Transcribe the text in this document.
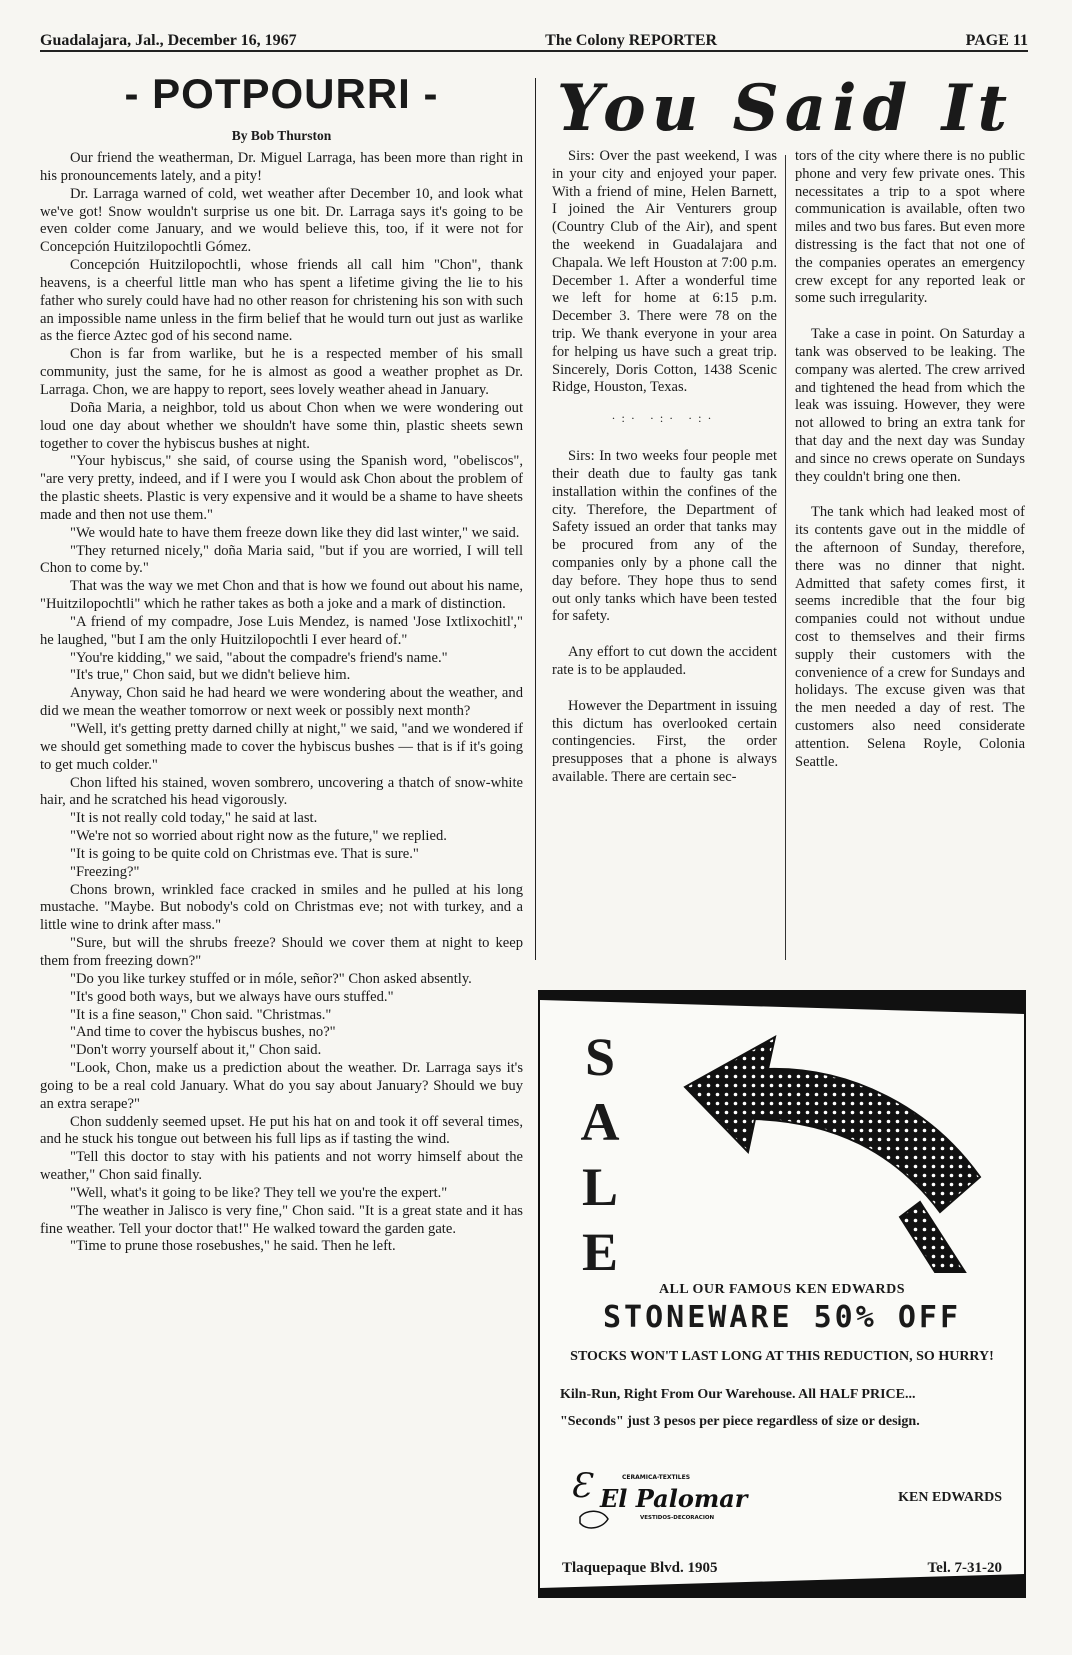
Guadalajara, Jal., December 16, 1967	The Colony REPORTER	PAGE 11
- POTPOURRI -
By Bob Thurston

Our friend the weatherman, Dr. Miguel Larraga, has been more than right in his pronouncements lately, and a pity!

Dr. Larraga warned of cold, wet weather after December 10, and look what we've got! Snow wouldn't surprise us one bit. Dr. Larraga says it's going to be even colder come January, and we would believe this, too, if it were not for Concepción Huitzilopochtli Gómez.

Concepción Huitzilopochtli, whose friends all call him "Chon", thank heavens, is a cheerful little man who has spent a lifetime giving the lie to his father who surely could have had no other reason for christening his son with such an impossible name unless in the firm belief that he would turn out just as warlike as the fierce Aztec god of his second name.

Chon is far from warlike, but he is a respected member of his small community, just the same, for he is almost as good a weather prophet as Dr. Larraga. Chon, we are happy to report, sees lovely weather ahead in January.

Doña Maria, a neighbor, told us about Chon when we were wondering out loud one day about whether we shouldn't have some thin, plastic sheets sewn together to cover the hybiscus bushes at night.

"Your hybiscus," she said, of course using the Spanish word, "obeliscos", "are very pretty, indeed, and if I were you I would ask Chon about the problem of the plastic sheets. Plastic is very expensive and it would be a shame to have sheets made and then not use them."

"We would hate to have them freeze down like they did last winter," we said.

"They returned nicely," doña Maria said, "but if you are worried, I will tell Chon to come by."

That was the way we met Chon and that is how we found out about his name, "Huitzilopochtli" which he rather takes as both a joke and a mark of distinction.

"A friend of my compadre, Jose Luis Mendez, is named 'Jose Ixtlixochitl'," he laughed, "but I am the only Huitzilopochtli I ever heard of."

"You're kidding," we said, "about the compadre's friend's name."

"It's true," Chon said, but we didn't believe him.

Anyway, Chon said he had heard we were wondering about the weather, and did we mean the weather tomorrow or next week or possibly next month?

"Well, it's getting pretty darned chilly at night," we said, "and we wondered if we should get something made to cover the hybiscus bushes — that is if it's going to get much colder."

Chon lifted his stained, woven sombrero, uncovering a thatch of snow-white hair, and he scratched his head vigorously.

"It is not really cold today," he said at last.

"We're not so worried about right now as the future," we replied.

"It is going to be quite cold on Christmas eve. That is sure."

"Freezing?"

Chons brown, wrinkled face cracked in smiles and he pulled at his long mustache. "Maybe. But nobody's cold on Christmas eve; not with turkey, and a little wine to drink after mass."

"Sure, but will the shrubs freeze? Should we cover them at night to keep them from freezing down?"

"Do you like turkey stuffed or in móle, señor?" Chon asked absently.

"It's good both ways, but we always have ours stuffed."

"It is a fine season," Chon said. "Christmas."

"And time to cover the hybiscus bushes, no?"

"Don't worry yourself about it," Chon said.

"Look, Chon, make us a prediction about the weather. Dr. Larraga says it's going to be a real cold January. What do you say about January? Should we buy an extra serape?"

Chon suddenly seemed upset. He put his hat on and took it off several times, and he stuck his tongue out between his full lips as if tasting the wind.

"Tell this doctor to stay with his patients and not worry himself about the weather," Chon said finally.

"Well, what's it going to be like? They tell we you're the expert."

"The weather in Jalisco is very fine," Chon said. "It is a great state and it has fine weather. Tell your doctor that!" He walked toward the garden gate.

"Time to prune those rosebushes," he said. Then he left.

You Said It

Sirs: Over the past weekend, I was in your city and enjoyed your paper. With a friend of mine, Helen Barnett, I joined the Air Venturers group (Country Club of the Air), and spent the weekend in Guadalajara and Chapala. We left Houston at 7:00 p.m. December 1. After a wonderful time we left for home at 6:15 p.m. December 3. There were 78 on the trip. We thank everyone in your area for helping us have such a great trip. Sincerely, Doris Cotton, 1438 Scenic Ridge, Houston, Texas.

·:· ·:· ·:·

Sirs: In two weeks four people met their death due to faulty gas tank installation within the confines of the city. Therefore, the Department of Safety issued an order that tanks may be procured from any of the companies only by a phone call the day before. They hope thus to send out only tanks which have been tested for safety.

Any effort to cut down the accident rate is to be applauded.

However the Department in issuing this dictum has overlooked certain contingencies. First, the order presupposes that a phone is always available. There are certain sec-

tors of the city where there is no public phone and very few private ones. This necessitates a trip to a spot where communication is available, often two miles and two bus fares. But even more distressing is the fact that not one of the companies operates an emergency crew except for any reported leak or some such irregularity.

Take a case in point. On Saturday a tank was observed to be leaking. The company was alerted. The crew arrived and tightened the head from which the leak was issuing. However, they were not allowed to bring an extra tank for that day and the next day was Sunday and since no crews operate on Sundays they couldn't bring one then.

The tank which had leaked most of its contents gave out in the middle of the afternoon of Sunday, therefore, there was no dinner that night. Admitted that safety comes first, it seems incredible that the four big companies could not without undue cost to themselves and their firms supply their customers with the convenience of a crew for Sundays and holidays. The excuse given was that the men needed a day of rest. The customers also need considerate attention. Selena Royle, Colonia Seattle.

S
A
L
E
ALL OUR FAMOUS KEN EDWARDS
STONEWARE 50% OFF
STOCKS WON'T LAST LONG AT THIS REDUCTION, SO HURRY!
Kiln-Run, Right From Our Warehouse. All HALF PRICE...
"Seconds" just 3 pesos per piece regardless of size or design.
Ɛ	CERAMICA-TEXTILES
El Palomar
VESTIDOS-DECORACION
KEN EDWARDS
Tlaquepaque Blvd. 1905	Tel. 7-31-20
